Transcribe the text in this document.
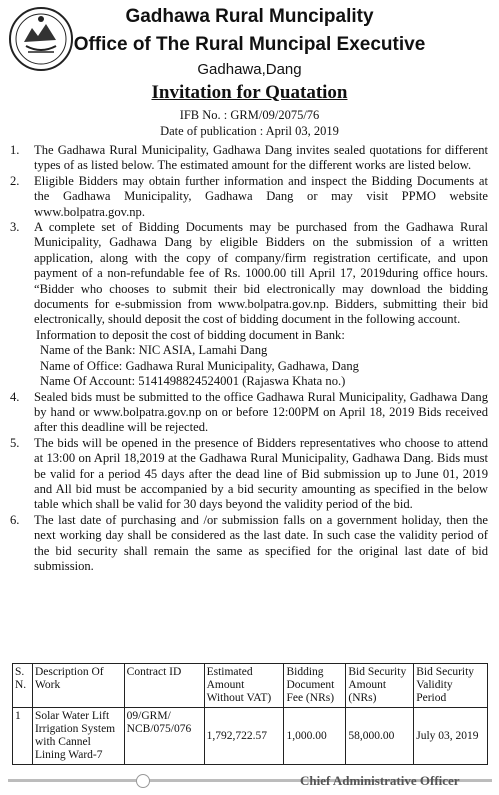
Gadhawa Rural Muncipality
Office of The Rural Muncipal Executive
Gadhawa,Dang
Invitation for Quatation
IFB No. : GRM/09/2075/76
Date of publication : April 03, 2019
1.	The Gadhawa Rural Municipality, Gadhawa Dang invites sealed quotations for different types of as listed below. The estimated amount for the different works are listed below.
2.	Eligible Bidders may obtain further information and inspect the Bidding Documents at the Gadhawa Municipality, Gadhawa Dang or may visit PPMO website www.bolpatra.gov.np.
3.	A complete set of Bidding Documents may be purchased from the Gadhawa Rural Municipality, Gadhawa Dang by eligible Bidders on the submission of a written application, along with the copy of company/firm registration certificate, and upon payment of a non-refundable fee of Rs. 1000.00 till April 17, 2019during office hours. “Bidder who chooses to submit their bid electronically may download the bidding documents for e-submission from www.bolpatra.gov.np. Bidders, submitting their bid electronically, should deposit the cost of bidding document in the following account.
Information to deposit the cost of bidding document in Bank:
Name of the Bank: NIC ASIA, Lamahi Dang
Name of Office: Gadhawa Rural Municipality, Gadhawa, Dang
Name Of Account: 5141498824524001 (Rajaswa Khata no.)
4.	Sealed bids must be submitted to the office Gadhawa Rural Municipality, Gadhawa Dang by hand or www.bolpatra.gov.np on or before 12:00PM on April 18, 2019 Bids received after this deadline will be rejected.
5.	The bids will be opened in the presence of Bidders representatives who choose to attend at 13:00 on April 18,2019 at the Gadhawa Rural Municipality, Gadhawa Dang. Bids must be valid for a period 45 days after the dead line of Bid submission up to June 01, 2019 and All bid must be accompanied by a bid security amounting as specified in the below table which shall be valid for 30 days beyond the validity period of the bid.
6.	The last date of purchasing and /or submission falls on a government holiday, then the next working day shall be considered as the last date. In such case the validity period of the bid security shall remain the same as specified for the original last date of bid submission.
S. N.	Description Of Work	Contract ID	Estimated Amount Without VAT)	Bidding Document Fee (NRs)	Bid Security Amount (NRs)	Bid Security Validity Period
1	Solar Water Lift Irrigation System with Cannel Lining Ward-7	09/GRM/ NCB/075/076	1,792,722.57	1,000.00	58,000.00	July 03, 2019
Chief Administrative Officer
